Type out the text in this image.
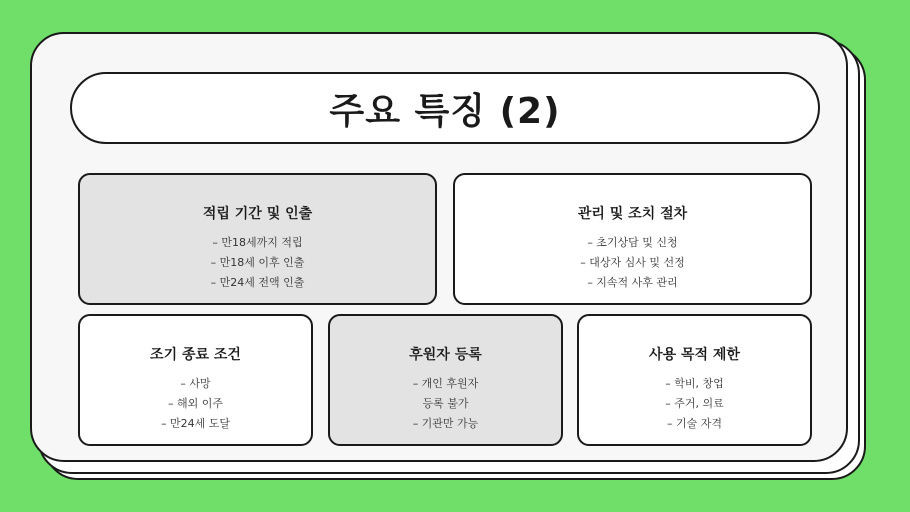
주요 특징 (2)
적립 기간 및 인출
– 만18세까지 적립
– 만18세 이후 인출
– 만24세 전액 인출
관리 및 조치 절차
– 초기상담 및 신청
– 대상자 심사 및 선정
– 지속적 사후 관리
조기 종료 조건
– 사망
– 해외 이주
– 만24세 도달
후원자 등록
– 개인 후원자
등록 불가
– 기관만 가능
사용 목적 제한
– 학비, 창업
– 주거, 의료
– 기술 자격
